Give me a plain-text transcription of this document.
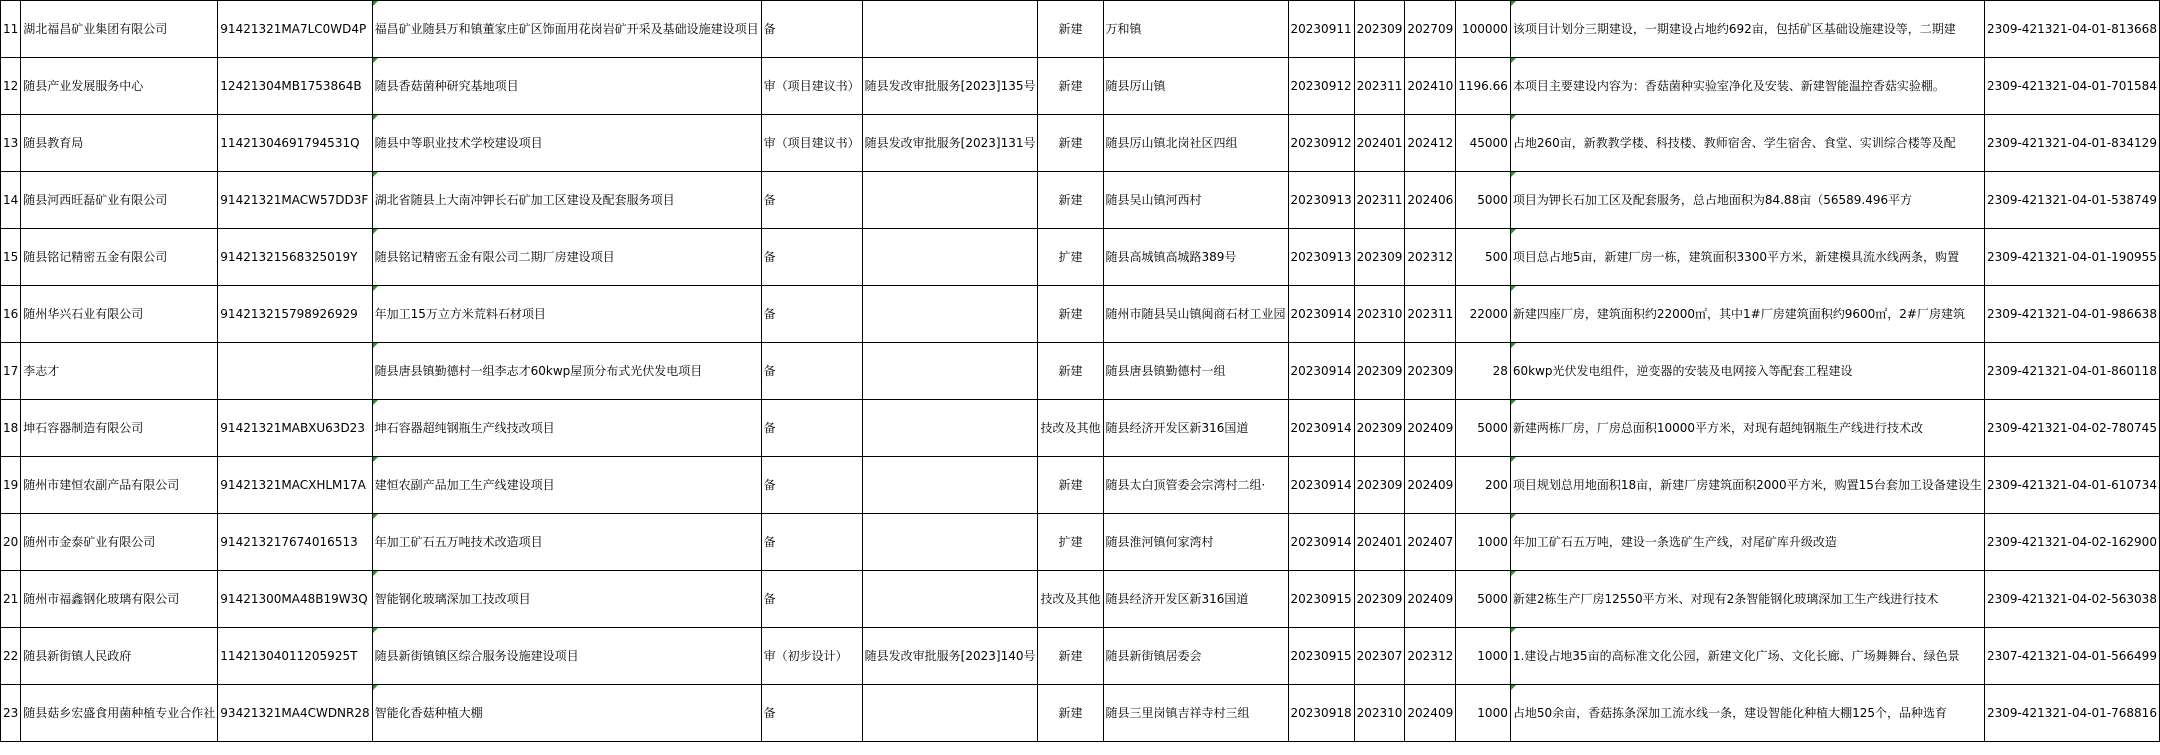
11	湖北福昌矿业集团有限公司	91421321MA7LC0WD4P	福昌矿业随县万和镇董家庄矿区饰面用花岗岩矿开采及基础设施建设项目	备		新建	万和镇	20230911	202309	202709	100000	该项目计划分三期建设，一期建设占地约692亩，包括矿区基础设施建设等，二期建	2309-421321-04-01-813668
12	随县产业发展服务中心	12421304MB1753864B	随县香菇菌种研究基地项目	审（项目建议书）	随县发改审批服务[2023]135号	新建	随县厉山镇	20230912	202311	202410	1196.66	本项目主要建设内容为：香菇菌种实验室净化及安装、新建智能温控香菇实验棚。	2309-421321-04-01-701584
13	随县教育局	11421304691794531Q	随县中等职业技术学校建设项目	审（项目建议书）	随县发改审批服务[2023]131号	新建	随县厉山镇北岗社区四组	20230912	202401	202412	45000	占地260亩，新教教学楼、科技楼、教师宿舍、学生宿舍、食堂、实训综合楼等及配	2309-421321-04-01-834129
14	随县河西旺磊矿业有限公司	91421321MACW57DD3F	湖北省随县上大南冲钾长石矿加工区建设及配套服务项目	备		新建	随县吴山镇河西村	20230913	202311	202406	5000	项目为钾长石加工区及配套服务，总占地面积为84.88亩（56589.496平方	2309-421321-04-01-538749
15	随县铭记精密五金有限公司	91421321568325019Y	随县铭记精密五金有限公司二期厂房建设项目	备		扩建	随县高城镇高城路389号	20230913	202309	202312	500	项目总占地5亩，新建厂房一栋，建筑面积3300平方米，新建模具流水线两条，购置	2309-421321-04-01-190955
16	随州华兴石业有限公司	914213215798926929	年加工15万立方米荒料石材项目	备		新建	随州市随县吴山镇闽商石材工业园	20230914	202310	202311	22000	新建四座厂房，建筑面积约22000㎡，其中1#厂房建筑面积约9600㎡，2#厂房建筑	2309-421321-04-01-986638
17	李志才		随县唐县镇勤德村一组李志才60kwp屋顶分布式光伏发电项目	备		新建	随县唐县镇勤德村一组	20230914	202309	202309	28	60kwp光伏发电组件，逆变器的安装及电网接入等配套工程建设	2309-421321-04-01-860118
18	坤石容器制造有限公司	91421321MABXU63D23	坤石容器超纯钢瓶生产线技改项目	备		技改及其他	随县经济开发区新316国道	20230914	202309	202409	5000	新建两栋厂房，厂房总面积10000平方米，对现有超纯钢瓶生产线进行技术改	2309-421321-04-02-780745
19	随州市建恒农副产品有限公司	91421321MACXHLM17A	建恒农副产品加工生产线建设项目	备		新建	随县太白顶管委会宗湾村二组·	20230914	202309	202409	200	项目规划总用地面积18亩，新建厂房建筑面积2000平方米，购置15台套加工设备建设生	2309-421321-04-01-610734
20	随州市金泰矿业有限公司	914213217674016513	年加工矿石五万吨技术改造项目	备		扩建	随县淮河镇何家湾村	20230914	202401	202407	1000	年加工矿石五万吨，建设一条选矿生产线，对尾矿库升级改造	2309-421321-04-02-162900
21	随州市福鑫钢化玻璃有限公司	91421300MA48B19W3Q	智能钢化玻璃深加工技改项目	备		技改及其他	随县经济开发区新316国道	20230915	202309	202409	5000	新建2栋生产厂房12550平方米、对现有2条智能钢化玻璃深加工生产线进行技术	2309-421321-04-02-563038
22	随县新街镇人民政府	11421304011205925T	随县新街镇镇区综合服务设施建设项目	审（初步设计）	随县发改审批服务[2023]140号	新建	随县新街镇居委会	20230915	202307	202312	1000	1.建设占地35亩的高标准文化公园，新建文化广场、文化长廊、广场舞舞台、绿色景	2307-421321-04-01-566499
23	随县菇乡宏盛食用菌种植专业合作社	93421321MA4CWDNR28	智能化香菇种植大棚	备		新建	随县三里岗镇吉祥寺村三组	20230918	202310	202409	1000	占地50余亩，香菇拣条深加工流水线一条，建设智能化种植大棚125个，品种选育	2309-421321-04-01-768816
